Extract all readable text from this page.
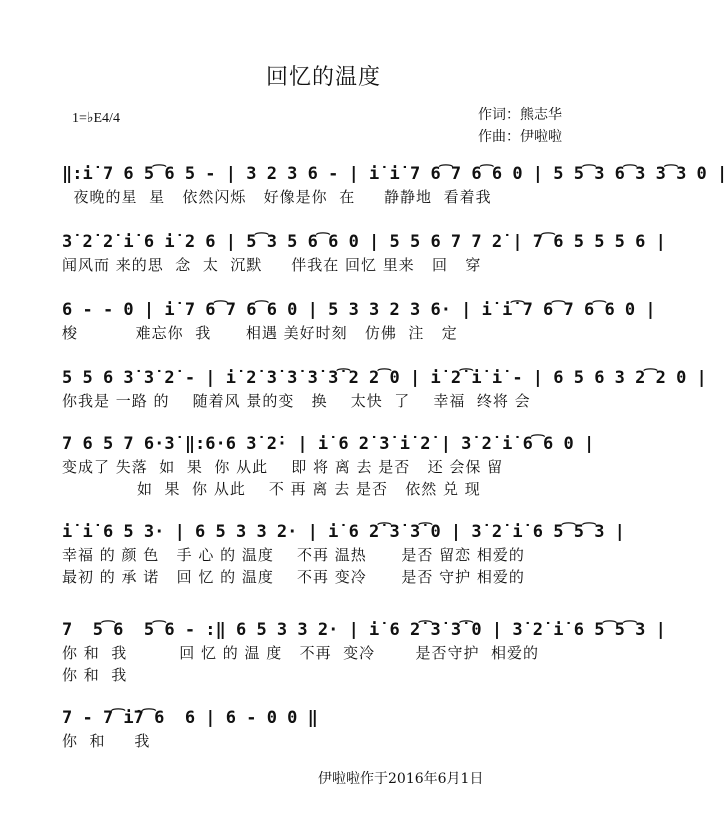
回忆的温度
1=♭E4/4	作词：熊志华
作曲：伊啦啦
‖:i̇ 7 6 5͡6 5 - | 3 2 3 6 - | i̇ i̇ 7 6͡7 6͡6 0 | 5 5͡3 6͡3 3͡3 0 |
夜晚的星  星   依然闪烁   好像是你  在     静静地  看着我
3̇ 2̇ 2̇ i̇ 6 i̇ 2 6 | 5͡3 5 6͡6 0 | 5 5 6 7 7 2̇ | 7͡6 5 5 5 6 |
闻风而 来的思  念  太  沉默     伴我在 回忆 里来   回   穿
6 - - 0 | i̇ 7 6͡7 6͡6 0 | 5 3 3 2 3 6· | i̇ i̇͡7 6͡7 6͡6 0 |
梭          难忘你  我      相遇 美好时刻   仿佛  注   定
5 5 6 3̇ 3̇ 2̇ - | i̇ 2̇ 3̇ 3̇ 3̇ 3̇͡2 2͡0 | i̇ 2̇͡i̇ i̇ - | 6 5 6 3 2͡2 0 |
你我是 一路 的    随着风 景的变   换    太快  了    幸福  终将 会
7 6 5 7 6·3̇ ‖:6·6 3̇ 2̇· | i̇ 6 2̇ 3̇ i̇ 2̇ | 3̇ 2̇ i̇ 6͡6 0 |
变成了 失落  如  果  你 从此    即 将 离 去 是否   还 会保 留
如  果  你 从此    不 再 离 去 是否   依然 兑 现
i̇ i̇ 6 5 3· | 6 5 3 3 2· | i̇ 6 2̇͡3̇ 3̇͡0 | 3̇ 2̇ i̇ 6 5͡5͡3 |
幸福 的 颜 色   手 心 的 温度    不再 温热      是否 留恋 相爱的
最初 的 承 诺   回 忆 的 温度    不再 变冷      是否 守护 相爱的
7  5͡6  5͡6 - :‖ 6 5 3 3 2· | i̇ 6 2̇͡3̇ 3̇͡0 | 3̇ 2̇ i̇ 6 5͡5͡3 |
你 和  我         回 忆 的 温 度   不再  变冷       是否守护  相爱的
你 和  我
7 - 7͡i̇7͡6  6 | 6 - 0 0 ‖
你  和     我
伊啦啦作于2016年6月1日
